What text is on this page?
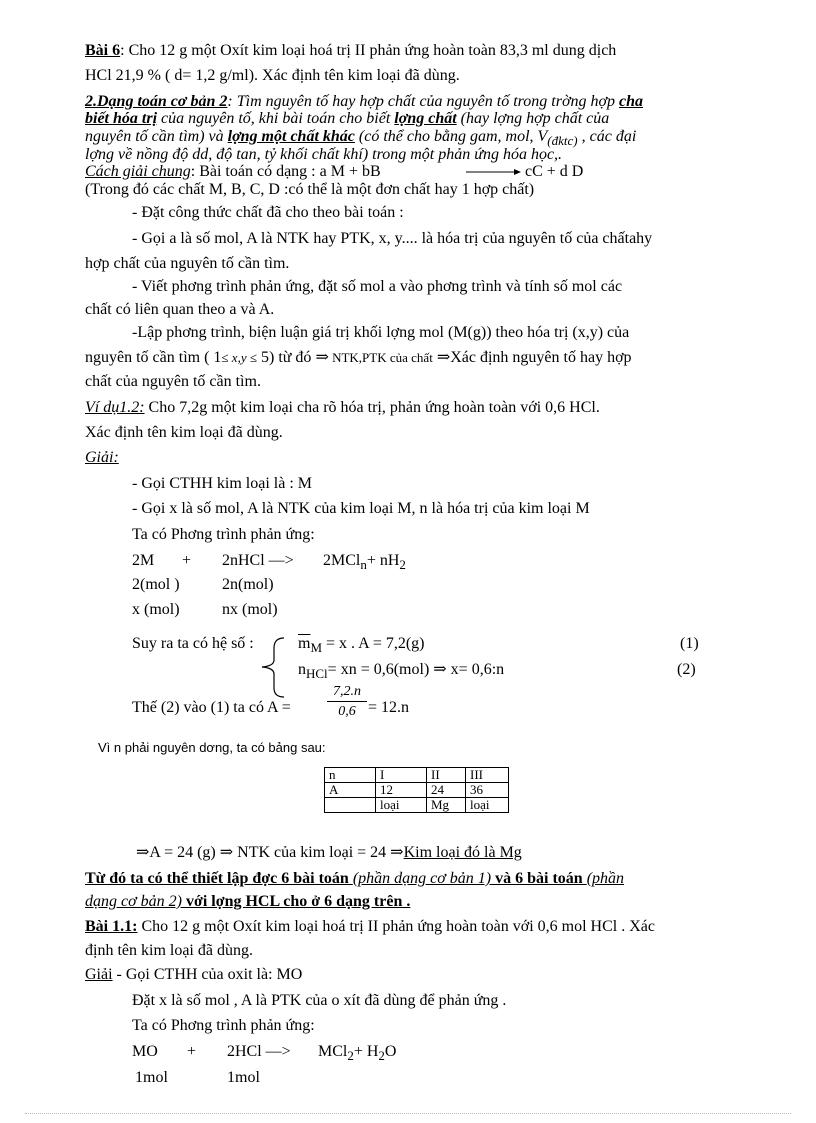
Bài 6: Cho 12 g một Oxít kim loại hoá trị II phản ứng hoàn toàn 83,3 ml dung dịch
HCl 21,9 % ( d= 1,2 g/ml). Xác định tên kim loại đã dùng.
2.Dạng toán cơ bản 2: Tìm nguyên tố hay hợp chất của nguyên tố trong trờng hợp cha
biết hóa trị của nguyên tố, khi bài toán cho biết lợng chất (hay lợng hợp chất của
nguyên tố cần tìm) và lợng một chất khác (có thể cho bằng gam, mol, $V_{(đktc)}$ , các đại
lợng về nồng độ dd, độ tan, tỷ khối chất khí) trong một phản ứng hóa học,.
Cách giải chung: Bài toán có dạng : a M + bB	→ cC + d D
(Trong đó các chất M, B, C, D :có thể là một đơn chất hay 1 hợp chất)
- Đặt công thức chất đã cho theo bài toán :
- Gọi a là số mol, A là NTK hay PTK, x, y.... là hóa trị của nguyên tố của chấtahy
hợp chất của nguyên tố cần tìm.
- Viết phơng trình phản ứng, đặt số mol a vào phơng trình và tính số mol các
chất có liên quan theo a và A.
-Lập phơng trình, biện luận giá trị khối lợng mol (M(g)) theo hóa trị (x,y) của
nguyên tố cần tìm ( 1≤ x,y ≤ 5) từ đó ⇒ NTK,PTK của chất ⇒Xác định nguyên tố hay hợp
chất của nguyên tố cần tìm.
Ví dụ1.2: Cho 7,2g một kim loại cha rõ hóa trị, phản ứng hoàn toàn với 0,6 HCl.
Xác định tên kim loại đã dùng.
Giải:
- Gọi CTHH kim loại là : M
- Gọi x là số mol, A là NTK của kim loại M, n là hóa trị của kim loại M
Ta có Phơng trình phản ứng:
2M + 2nHCl —> $2MCl_n+ nH_2$
2(mol )	2n(mol)
x (mol)	nx (mol)
Suy ra ta có hệ số :	$\overline{m}_M = x$ . A = 7,2(g)	(1)
$n_{HCl}=$ xn = 0,6(mol) ⇒ x= 0,6:n	(2)
Thế (2) vào (1) ta có A =	$\frac{7,2.n}{0,6} = 12.n$
Vì n phải nguyên dơng, ta có bảng sau:
n	I	II	III
A	12	24	36
	loại	Mg	loại
⇒A = 24 (g) ⇒ NTK của kim loại = 24 ⇒Kim loại đó là Mg
Từ đó ta có thể thiết lập đợc 6 bài toán (phần dạng cơ bản 1) và 6 bài toán (phần
dạng cơ bản 2) với lợng HCL cho ở 6 dạng trên .
Bài 1.1: Cho 12 g một Oxít kim loại hoá trị II phản ứng hoàn toàn với 0,6 mol HCl . Xác
định tên kim loại đã dùng.
Giải - Gọi CTHH của oxit là: MO
Đặt x là số mol , A là PTK của o xít đã dùng để phản ứng .
Ta có Phơng trình phản ứng:
MO + 2HCl —> $MCl_2+ H_2O$
1mol	1mol
